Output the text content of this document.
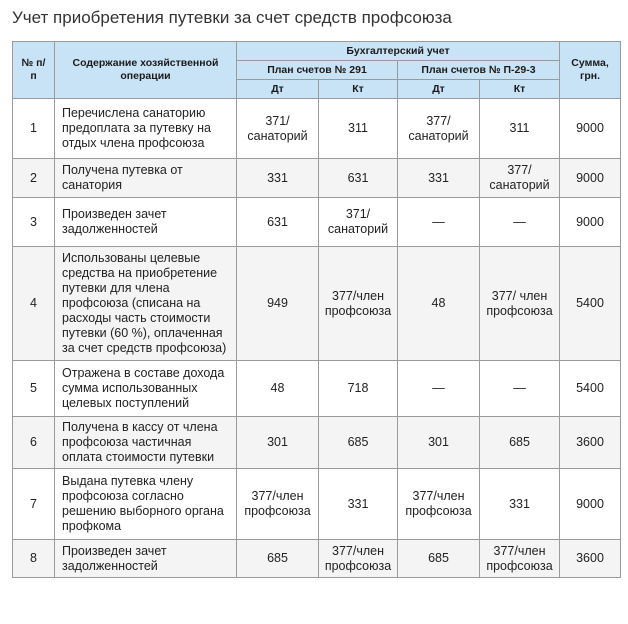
Учет приобретения путевки за счет средств профсоюза
№ п/п	Содержание хозяйственной операции	Бухгалтерский учет				Сумма, грн.
		План счетов № 291		План счетов № П-29-3		
		Дт	Кт	Дт	Кт	
1	Перечислена санаторию предоплата за путевку на отдых члена профсоюза	371/ санаторий	311	377/ санаторий	311	9000
2	Получена путевка от санатория	331	631	331	377/ санаторий	9000
3	Произведен зачет задолженностей	631	371/ санаторий	—	—	9000
4	Использованы целевые средства на приобретение путевки для члена профсоюза (списана на расходы часть стоимости путевки (60 %), оплаченная за счет средств профсоюза)	949	377/член профсоюза	48	377/ член профсоюза	5400
5	Отражена в составе дохода сумма использованных целевых поступлений	48	718	—	—	5400
6	Получена в кассу от члена профсоюза частичная оплата стоимости путевки	301	685	301	685	3600
7	Выдана путевка члену профсоюза согласно решению выборного органа профкома	377/член профсоюза	331	377/член профсоюза	331	9000
8	Произведен зачет задолженностей	685	377/член профсоюза	685	377/член профсоюза	3600
